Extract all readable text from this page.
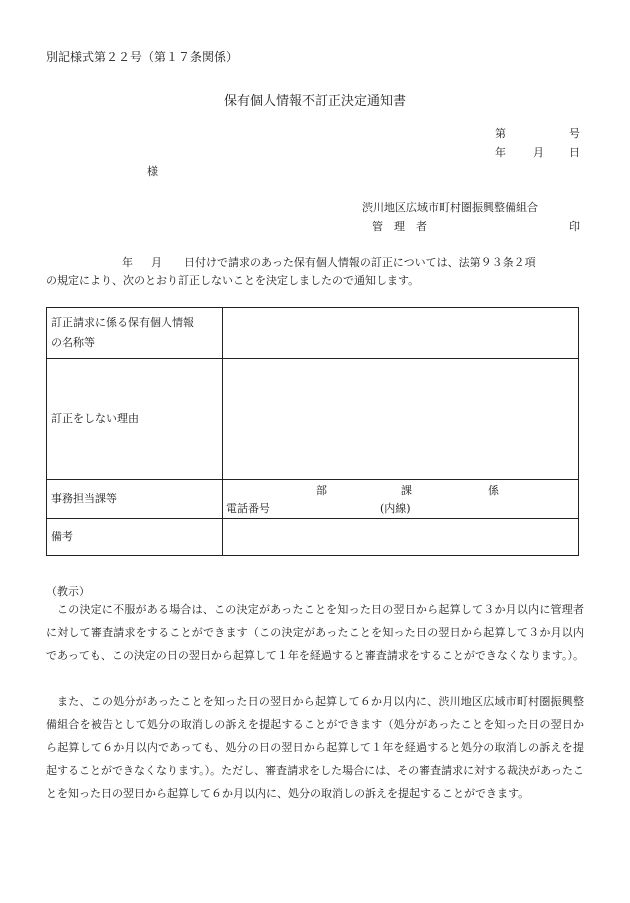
別記様式第２２号（第１７条関係）
保有個人情報不訂正決定通知書
第	号
年 月 日
様
渋川地区広域市町村圏振興整備組合
管　理　者	印
年 月 日付けで請求のあった保有個人情報の訂正については、法第９３条２項
の規定により、次のとおり訂正しないことを決定しましたので通知します。
訂正請求に係る保有個人情報
の名称等	

訂正をしない理由	
事務担当課等	部 課 係
電話番号 (内線)

備考	
（教示）
この決定に不服がある場合は、この決定があったことを知った日の翌日から起算して３か月以内に管理者に対して審査請求をすることができます（この決定があったことを知った日の翌日から起算して３か月以内であっても、この決定の日の翌日から起算して１年を経過すると審査請求をすることができなくなります。）。
また、この処分があったことを知った日の翌日から起算して６か月以内に、渋川地区広域市町村圏振興整備組合を被告として処分の取消しの訴えを提起することができます（処分があったことを知った日の翌日から起算して６か月以内であっても、処分の日の翌日から起算して１年を経過すると処分の取消しの訴えを提起することができなくなります。）。ただし、審査請求をした場合には、その審査請求に対する裁決があったことを知った日の翌日から起算して６か月以内に、処分の取消しの訴えを提起することができます。
